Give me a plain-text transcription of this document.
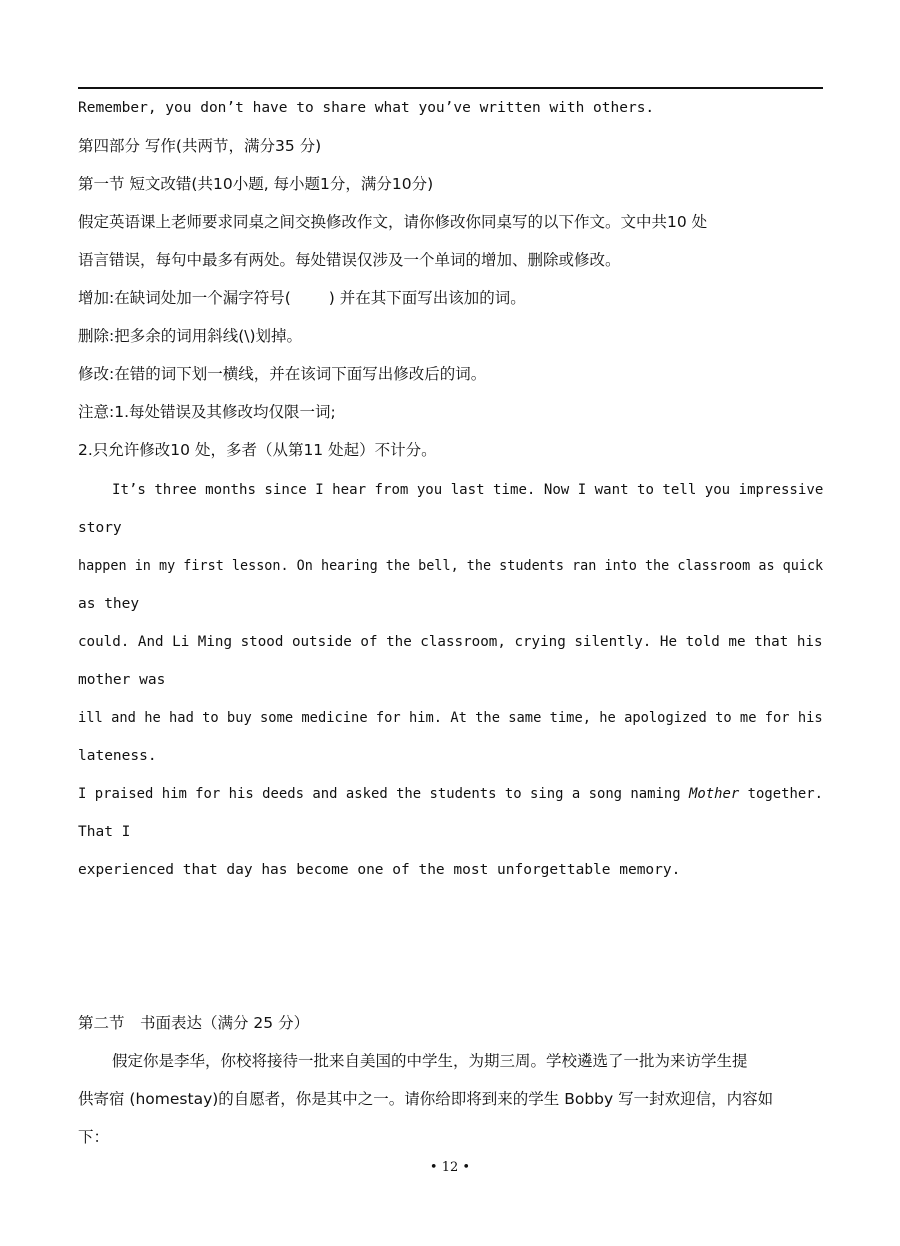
Remember, you don’t have to share what you’ve written with others.
第四部分 写作(共两节，满分35 分)
第一节 短文改错(共10小题, 每小题1分，满分10分)
假定英语课上老师要求同桌之间交换修改作文，请你修改你同桌写的以下作文。文中共10 处
语言错误，每句中最多有两处。每处错误仅涉及一个单词的增加、删除或修改。
增加:在缺词处加一个漏字符号( ) 并在其下面写出该加的词。
删除:把多余的词用斜线(\)划掉。
修改:在错的词下划一横线，并在该词下面写出修改后的词。
注意:1.每处错误及其修改均仅限一词;
2.只允许修改10 处，多者（从第11 处起）不计分。
It’s three months since I hear from you last time. Now I want to tell you impressive
story
happen in my first lesson. On hearing the bell, the students ran into the classroom as quick
as they
could. And Li Ming stood outside of the classroom, crying silently. He told me that his
mother was
ill and he had to buy some medicine for him. At the same time, he apologized to me for his
lateness.
I praised him for his deeds and asked the students to sing a song naming Mother together.
That I
experienced that day has become one of the most unforgettable memory.
第二节　书面表达（满分 25 分）
假定你是李华，你校将接待一批来自美国的中学生，为期三周。学校遴选了一批为来访学生提
供寄宿 (homestay)的自愿者，你是其中之一。请你给即将到来的学生 Bobby 写一封欢迎信，内容如
下：
• 12 •
